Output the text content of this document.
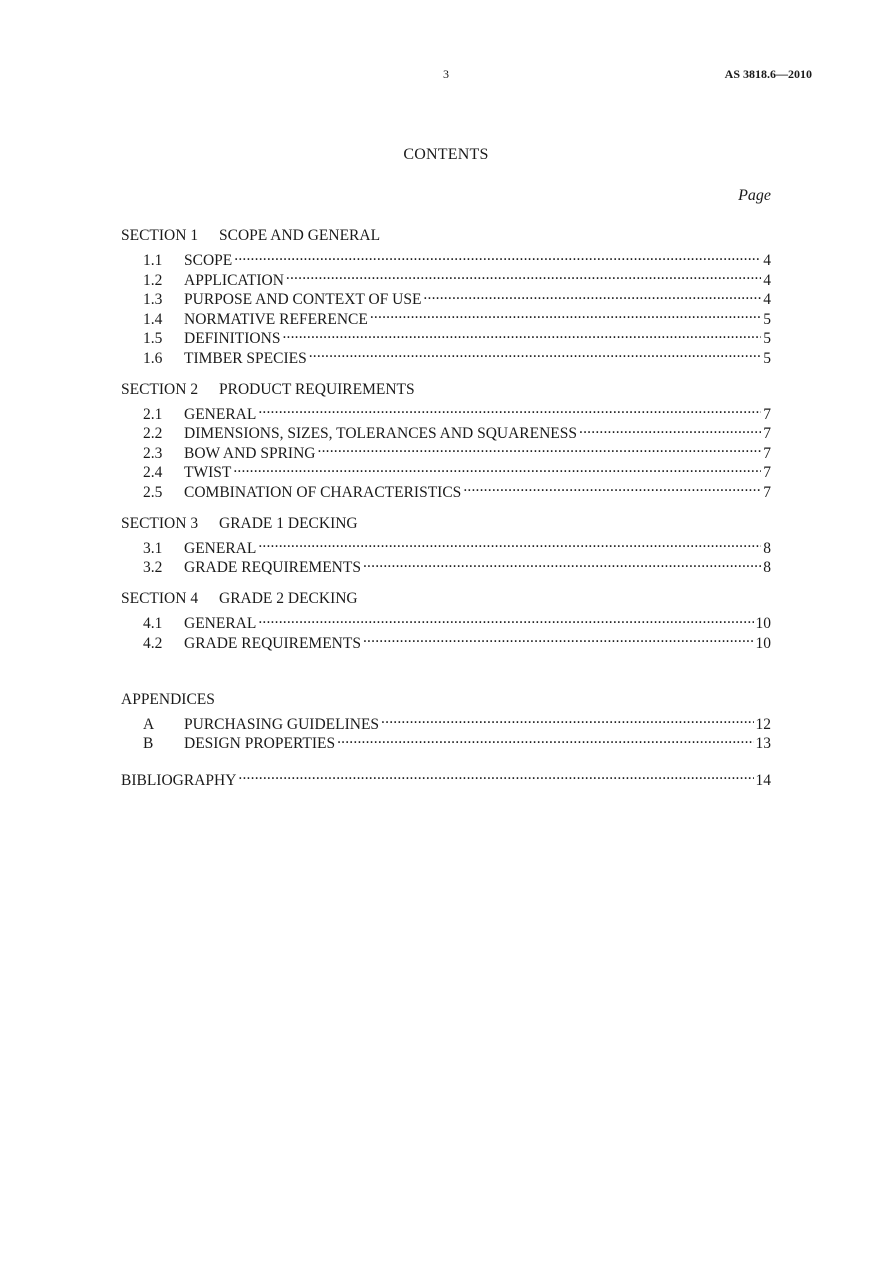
3	AS 3818.6—2010
CONTENTS
Page
SECTION 1 SCOPE AND GENERAL
1.1	SCOPE .....	4
1.2	APPLICATION .....	4
1.3	PURPOSE AND CONTEXT OF USE .....	4
1.4	NORMATIVE REFERENCE .....	5
1.5	DEFINITIONS .....	5
1.6	TIMBER SPECIES .....	5
SECTION 2 PRODUCT REQUIREMENTS
2.1	GENERAL .....	7
2.2	DIMENSIONS, SIZES, TOLERANCES AND SQUARENESS .....	7
2.3	BOW AND SPRING .....	7
2.4	TWIST .....	7
2.5	COMBINATION OF CHARACTERISTICS .....	7
SECTION 3 GRADE 1 DECKING
3.1	GENERAL .....	8
3.2	GRADE REQUIREMENTS .....	8
SECTION 4 GRADE 2 DECKING
4.1	GENERAL .....	10
4.2	GRADE REQUIREMENTS .....	10
APPENDICES
A	PURCHASING GUIDELINES .....	12
B	DESIGN PROPERTIES .....	13
BIBLIOGRAPHY .....	14
